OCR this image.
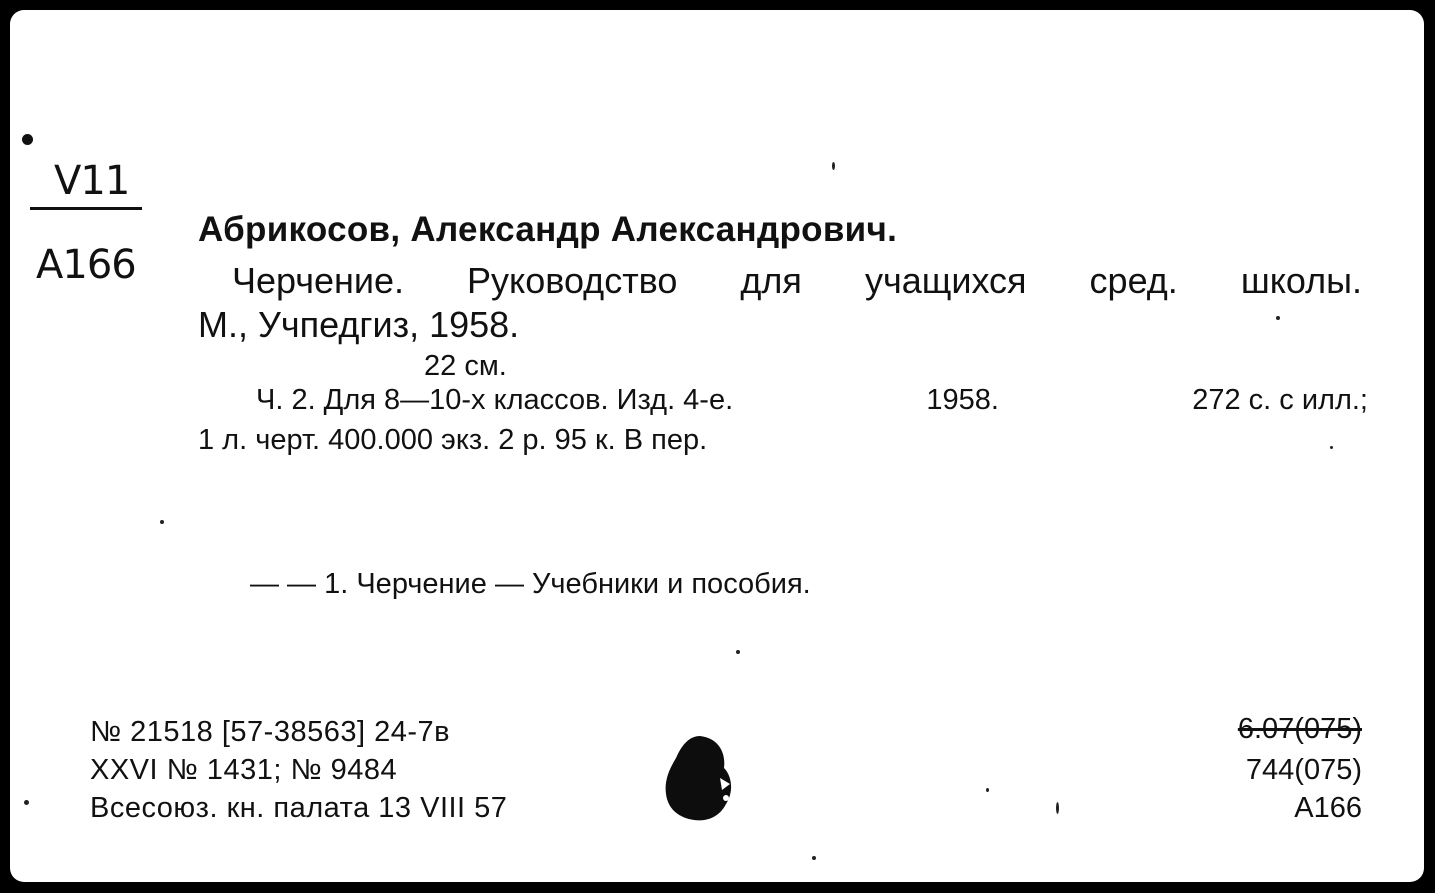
V11
A166
Абрикосов, Александр Александрович.
Черчение. Руководство для учащихся сред. школы.
М., Учпедгиз, 1958.
22 см.
Ч. 2. Для 8—10-х классов. Изд. 4-е.	1958.	272 с. с илл.;
1 л. черт. 400.000 экз. 2 р. 95 к. В пер.
— — 1. Черчение — Учебники и пособия.
№ 21518 [57-38563] 24-7в
XXVI № 1431; № 9484
Всесоюз. кн. палата 13 VIII 57
6.07(075)
744(075)
A166
